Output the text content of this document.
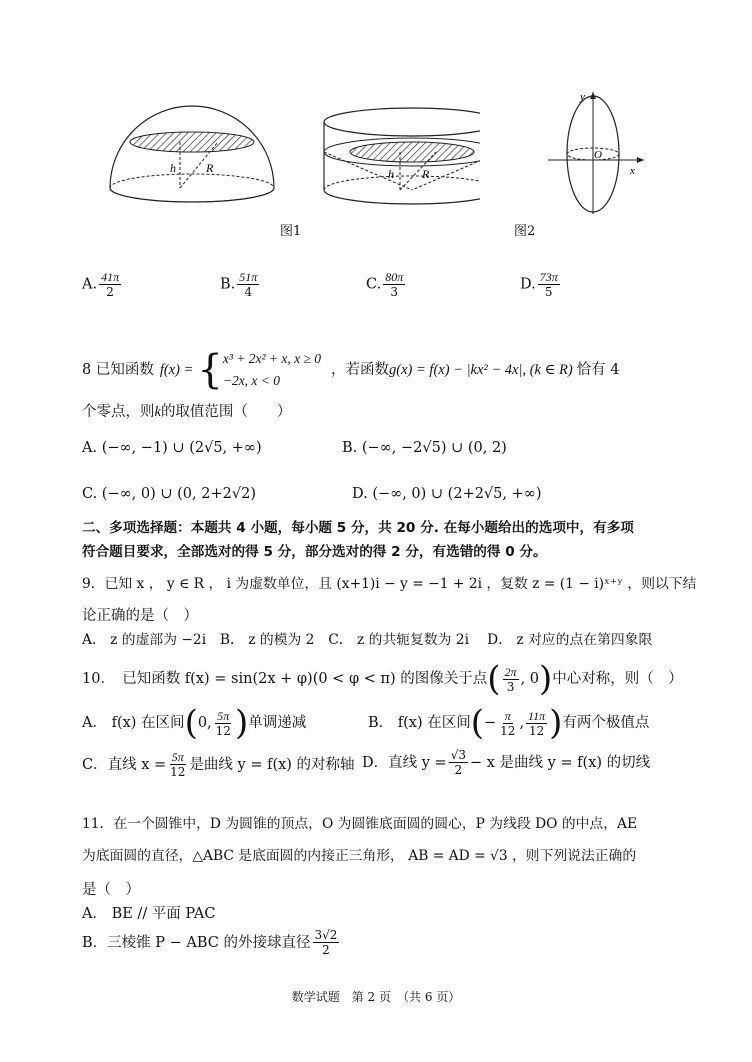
h	R	h R
图1
y
x
O
图2
A. $\frac{41\pi}{2}$	B. $\frac{51\pi}{4}$	C. $\frac{80\pi}{3}$	D. $\frac{73\pi}{5}$
8 已知函数 f(x) = { x³ + 2x² + x, x ≥ 0
−2x, x < 0
，若函数 g(x) = f(x) − |kx² − 4x|, (k ∈ R) 恰有 4
个零点，则k的取值范围（　　）
A. (−∞, −1) ∪ (2√5, +∞)	B. (−∞, −2√5) ∪ (0, 2)
C. (−∞, 0) ∪ (0, 2+2√2)	D. (−∞, 0) ∪ (2+2√5, +∞)
二、多项选择题：本题共 4 小题，每小题 5 分，共 20 分. 在每小题给出的选项中，有多项
符合题目要求，全部选对的得 5 分，部分选对的得 2 分，有选错的得 0 分。
9．已知 x ， y ∈ R ， i 为虚数单位，且 (x+1)i − y = −1 + 2i ，复数 z = (1 − i)ˣ⁺ʸ ，则以下结
论正确的是（　）
A． z 的虚部为 −2i　B． z 的模为 2　C． z 的共轭复数为 2i　 D． z 对应的点在第四象限
10．　已知函数 f(x) = sin(2x + φ)(0 < φ < π) 的图像关于点 ( $\frac{2\pi}{3}$ , 0 ) 中心对称，则（　）
A． f(x) 在区间 ( 0, $\frac{5\pi}{12}$ ) 单调递减	B． f(x) 在区间 ( − $\frac{\pi}{12}$ , $\frac{11\pi}{12}$ ) 有两个极值点
C．直线 $x = \frac{5\pi}{12}$ 是曲线 y = f(x) 的对称轴 D．直线 $y = \frac{√3}{2} - x$ 是曲线 y = f(x) 的切线
11．在一个圆锥中，D 为圆锥的顶点，O 为圆锥底面圆的圆心，P 为线段 DO 的中点，AE
为底面圆的直径，△ABC 是底面圆的内接正三角形， AB = AD = √3 ，则下列说法正确的
是（　）
A． BE // 平面 PAC
B．三棱锥 P − ABC 的外接球直径 $\frac{3√2}{2}$
数学试题　第 2 页　（共 6 页）
